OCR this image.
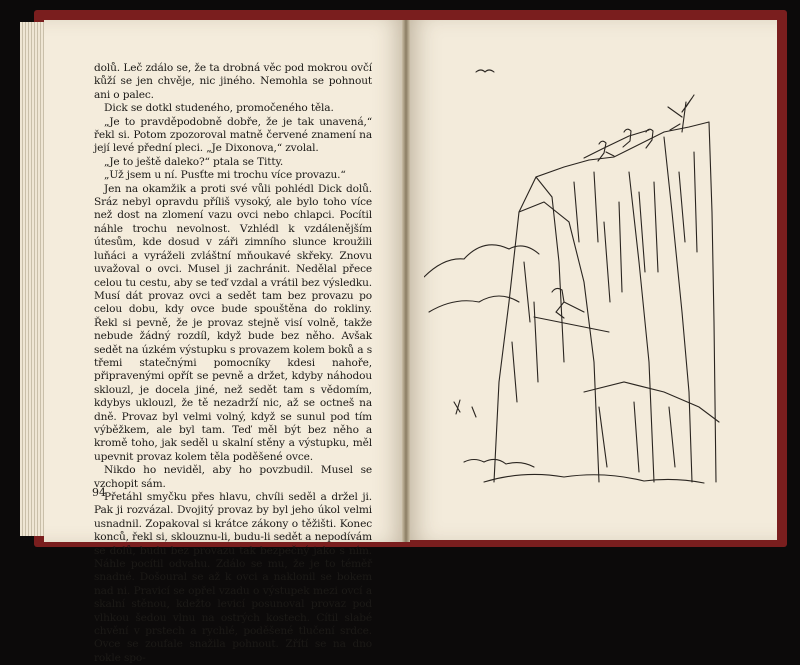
dolů. Leč zdálo se, že ta drobná věc pod mokrou ovčí kůží se jen chvěje, nic jiného. Nemohla se pohnout ani o palec.

Dick se dotkl studeného, promočeného těla.

„Je to pravděpodobně dobře, že je tak unavená,“ řekl si. Potom zpozoroval matně červené znamení na její levé přední pleci. „Je Dixonova,“ zvolal.

„Je to ještě daleko?“ ptala se Titty.

„Už jsem u ní. Pusťte mi trochu více provazu.“

Jen na okamžik a proti své vůli pohlédl Dick dolů. Sráz nebyl opravdu příliš vysoký, ale bylo toho více než dost na zlomení vazu ovci nebo chlapci. Pocítil náhle trochu nevolnost. Vzhlédl k vzdálenějším útesům, kde dosud v záři zimního slunce kroužili luňáci a vyráželi zvláštní mňoukavé skřeky. Znovu uvažoval o ovci. Musel ji zachránit. Nedělal přece celou tu cestu, aby se teď vzdal a vrátil bez výsledku. Musí dát provaz ovci a sedět tam bez provazu po celou dobu, kdy ovce bude spouštěna do rokliny. Řekl si pevně, že je provaz stejně visí volně, takže nebude žádný rozdíl, když bude bez něho. Avšak sedět na úzkém výstupku s provazem kolem boků a s třemi statečnými pomocníky kdesi nahoře, připravenými opřít se pevně a držet, kdyby náhodou sklouzl, je docela jiné, než sedět tam s vědomím, kdybys uklouzl, že tě nezadrží nic, až se octneš na dně. Provaz byl velmi volný, když se sunul pod tím výběžkem, ale byl tam. Teď měl být bez něho a kromě toho, jak seděl u skalní stěny a výstupku, měl upevnit provaz kolem těla poděšené ovce.

Nikdo ho neviděl, aby ho povzbudil. Musel se vzchopit sám.

Přetáhl smyčku přes hlavu, chvíli seděl a držel ji. Pak ji rozvázal. Dvojitý provaz by byl jeho úkol velmi usnadnil. Zopakoval si krátce zákony o těžišti. Konec konců, řekl si, sklouznu-li, budu-li sedět a nepodívám se dolů, budu bez provazu tak bezpečný jako s ním. Náhle pocítil odvahu. Zdálo se mu, že je to téměř snadné. Došoural se až k ovci a naklonil se bokem nad ni. Pravicí se opřel vzadu o výstupek mezi ovcí a skalní stěnou, kdežto levicí posunoval provaz pod vlhkou šedou vlnu na ostrých kostech. Cítil slabé chvění v prstech a rychlé, poděšené tlučení srdce. Ovce se zoufale snažila pohnout. Zřítí se na dno rokle spo-

94
